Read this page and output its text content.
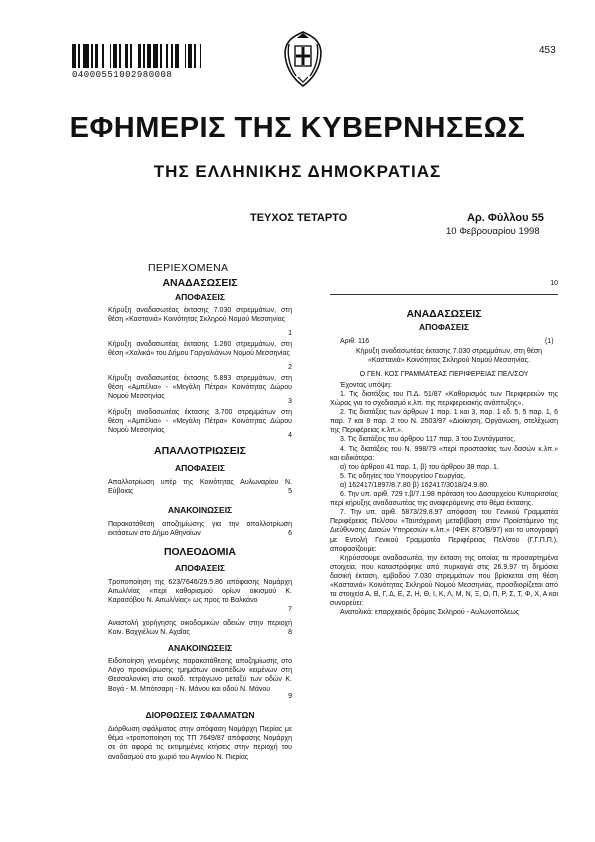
04000551002980008
453
ΕΦΗΜΕΡΙΣ ΤΗΣ ΚΥΒΕΡΝΗΣΕΩΣ
ΤΗΣ ΕΛΛΗΝΙΚΗΣ ΔΗΜΟΚΡΑΤΙΑΣ
ΤΕΥΧΟΣ ΤΕΤΑΡΤΟ	Αρ. Φύλλου 55
10 Φεβρουαρίου 1998
ΠΕΡΙΕΧΟΜΕΝΑ
ΑΝΑΔΑΣΩΣΕΙΣ
ΑΠΟΦΑΣΕΙΣ
Κήρυξη αναδασωτέας έκτασης 7.030 στρεμμάτων, στη θέση «Καστανιά» Κοινότητας Σκληρού Νομού Μεσσηνίας
1
Κήρυξη αναδασωτέας έκτασης 1.260 στρεμμάτων, στη θέση «Χαλικά» του Δήμου Γαργαλιάνων Νομού Μεσσηνίας
2
Κήρυξη αναδασωτέας έκτασης 5.893 στρεμμάτων, στη θέση «Αμπέλια» - «Μεγάλη Πέτρα» Κοινότητας Δώρου Νομού Μεσσηνίας
3
Κήρυξη αναδασωτέας έκτασης 3.700 στρεμμάτων στη θέση «Αμπέλια» - «Μεγάλη Πέτρα» Κοινότητας Δώρου Νομού Μεσσηνίας
4
ΑΠΑΛΛΟΤΡΙΩΣΕΙΣ
ΑΠΟΦΑΣΕΙΣ
Απαλλοτρίωση υπέρ της Κοινότητας Αυλωναρίου Ν. Εύβοιας	5
ΑΝΑΚΟΙΝΩΣΕΙΣ
Παρακατάθεση αποζημίωσης για την απαλλοτρίωση εκτάσεων στο Δήμο Αθηναίων	6
ΠΟΛΕΟΔΟΜΙΑ
ΑΠΟΦΑΣΕΙΣ
Τροποποίηση της 623/7646/29.5.86 απόφασης Νομάρχη Αιτωλ/νίας «περί καθορισμού ορίων οικισμού Κ. Καρασόβου Ν. Αιτωλ/νίας» ως προς το Βαλκάνο
7
Αναστολή χορήγησης οικοδομικών αδειών στην περιοχή Κοιν. Βαχγιέλων Ν. Αχαΐας	8
ΑΝΑΚΟΙΝΩΣΕΙΣ
Ειδοποίηση γενομένης παρακατάθεσης αποζημίωσης στο Λόγο προσκύρωσης τμημάτων οικοπέδων κειμένων στη Θεσσαλονίκη στο οικοδ. τετράγωνο μεταξύ των οδών Κ. Βογά - Μ. Μπότσαρη - Ν. Μάνου και οδού Ν. Μάνου
9
ΔΙΟΡΘΩΣΕΙΣ ΣΦΑΛΜΑΤΩΝ
Διόρθωση σφάλματος στην απόφαση Νομάρχη Πιερίας με θέμα «τροποποίηση της ΤΠ 7649/87 απόφασης Νομάρχη σε ότι αφορά τις εκτιμημένες κτήσεις στην περιοχή του αναδασμού στο χωριό του Αιγινίου Ν. Πιερίας

10
ΑΝΑΔΑΣΩΣΕΙΣ
ΑΠΟΦΑΣΕΙΣ
Αριθ. 116	(1)
Κήρυξη αναδασωτέας έκτασης 7.030 στρεμμάτων, στη θέση «Καστανιά» Κοινότητας Σκληρού Νομού Μεσσηνίας.
Ο ΓΕΝ. ΚΟΣ ΓΡΑΜΜΑΤΕΑΣ ΠΕΡΙΦΕΡΕΙΑΣ ΠΕΛ/ΣΟΥ
Έχοντας υπόψη:
1. Τις διατάξεις του Π.Δ. 51/87 «Καθορισμός των Περιφερειών της Χώρας για το σχεδιασμό κ.λπ. της περιφερειακής ανάπτυξης».
2. Τις διατάξεις των άρθρων 1 παρ. 1 και 3, παρ. 1 εδ. 5, 5 παρ. 1, 6 παρ. 7 και 8 παρ. 2 του Ν. 2503/97 «Διοίκηση, Οργάνωση, στελέχωση της Περιφέρειας κ.λπ.».
3. Τις διατάξεις του άρθρου 117 παρ. 3 του Συντάγματος.
4. Τις διατάξεις του Ν. 998/79 «περί προστασίας των δασών κ.λπ.» και ειδικότερα:
α) του άρθρου 41 παρ. 1, β) του άρθρου 38 παρ. 1.
5. Τις οδηγίες του Υπουργείου Γεωργίας.
α) 162417/1897/8.7.80 β) 162417/3018/24.9.80.
6. Την υπ. αριθ. 729 τ.β/7.1.98 πρόταση του Δασαρχείου Κυπαρισσίας περί κήρυξης αναδασωτέας της αναφερόμενης στο θέμα έκτασης.
7. Την υπ. αριθ. 5873/29.8.97 απόφαση του Γενικού Γραμματέα Περιφέρειας Πελ/σου «Ταυτόχρονη μεταβίβαση στον Προϊστάμενο της Διεύθυνσης Δασών Υπηρεσιών κ.λπ.» (ΦΕΚ 870/Β/97) και το υπογραφή με Εντολή Γενικού Γραμματέα Περιφέρειας Πελ/σου (Γ.Γ.Π.Π.), αποφασίζουμε:
Κηρύσσουμε αναδασωτέα, την έκταση της οποίας τα προσαρτημένα στοιχεία, που καταστράφηκε από πυρκαγιά στις 26.9.97 τη δημόσια δασική έκταση, εμβαδού 7.030 στρεμμάτων που βρίσκεται στη θέση «Καστανιά» Κοινότητας Σκληρού Νομού Μεσσηνίας, προσδιορίζεται από τα στοιχεία Α, Β, Γ, Δ, Ε, Ζ, Η, Θ, Ι, Κ, Λ, Μ, Ν, Ξ, Ο, Π, Ρ, Σ, Τ, Φ, Χ, Α και συνορεύει:
Ανατολικά: επαρχιακός δρόμος Σκληρού - Αυλωνοπόλεως
